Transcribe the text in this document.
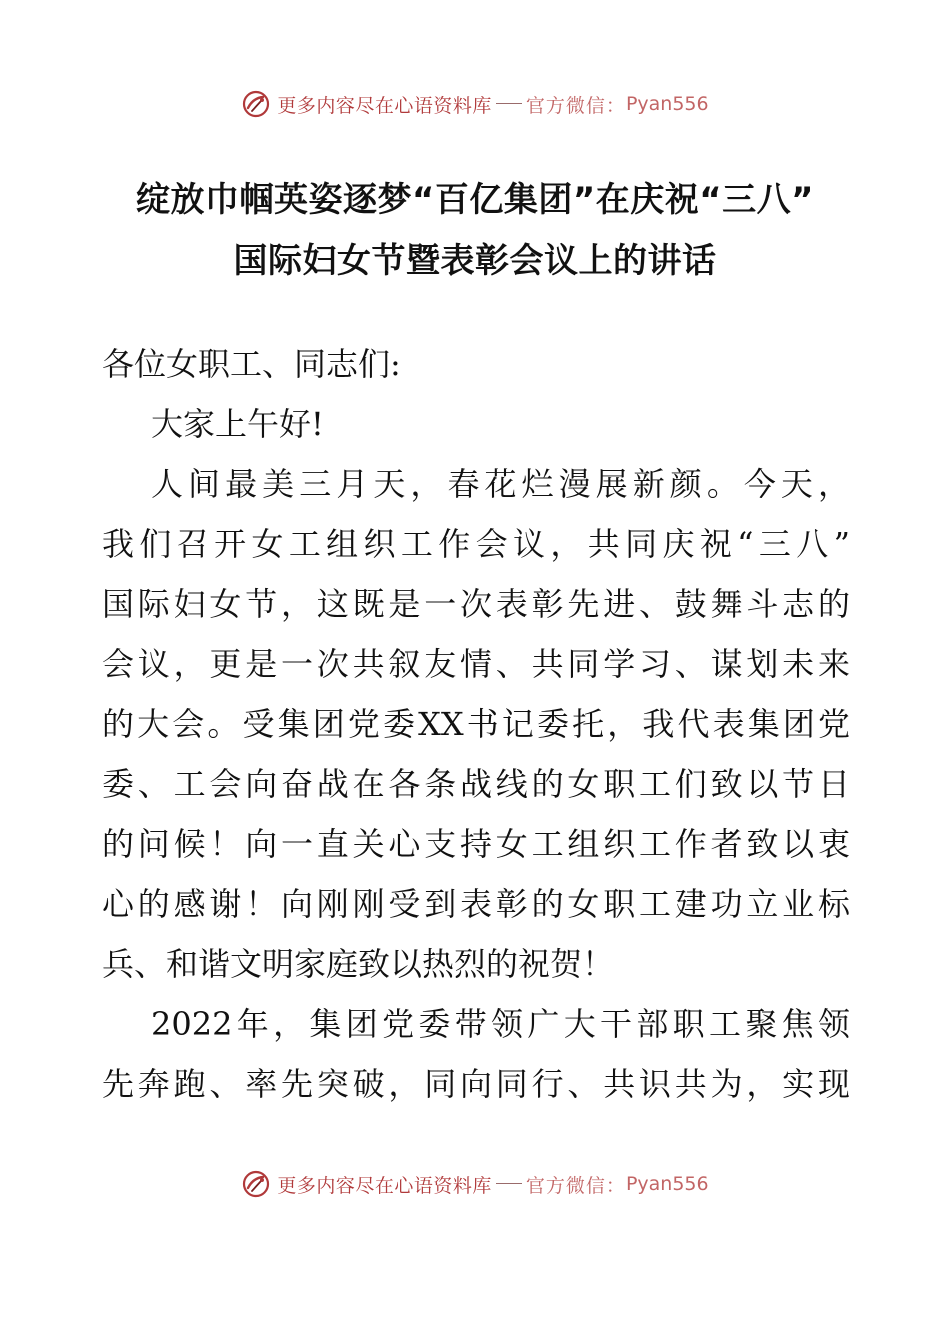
更多内容尽在心语资料库 官方微信： Pyan556
绽放巾帼英姿逐梦“百亿集团”在庆祝“三八”
国际妇女节暨表彰会议上的讲话
各位女职工、同志们:
大家上午好!
人间最美三月天，春花烂漫展新颜。今天，
我们召开女工组织工作会议，共同庆祝“三八”
国际妇女节，这既是一次表彰先进、鼓舞斗志的
会议，更是一次共叙友情、共同学习、谋划未来
的大会。受集团党委XX书记委托，我代表集团党
委、工会向奋战在各条战线的女职工们致以节日
的问候！向一直关心支持女工组织工作者致以衷
心的感谢！向刚刚受到表彰的女职工建功立业标
兵、和谐文明家庭致以热烈的祝贺！
2022年，集团党委带领广大干部职工聚焦领
先奔跑、率先突破，同向同行、共识共为，实现
更多内容尽在心语资料库 官方微信： Pyan556
